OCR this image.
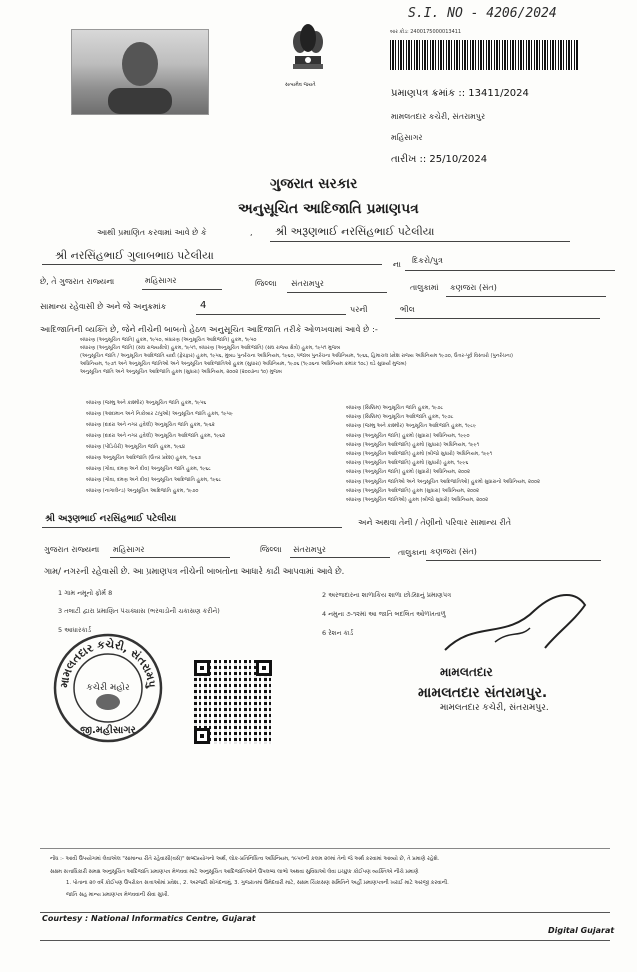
S.I. NO - 4206/2024
સત્યમેવ જયતે
બાર કોડ: 2400175000013411
પ્રમાણપત્ર ક્રમાંક :: 13411/2024
મામલતદાર કચેરી, સંતરામપુર
મહિસાગર
તારીખ :: 25/10/2024
ગુજરાત સરકાર
અનુસૂચિત આદિજાતિ પ્રમાણપત્ર
આથી પ્રમાણિત કરવામાં આવે છે કે	, શ્રી અરૂણભાઈ નરસિંહભાઈ પટેલીયા
શ્રી નરસિંહભાઈ ગુલાબભાઇ પટેલીયા
ના દિકરો/પુત્ર
છે, તે ગુજરાત રાજ્યના	મહિસાગર	જિલ્લા સંતરામપુર	તાલુકામાં કણજરા (સંત)
સામાન્ય રહેવાસી છે અને જે અનુક્રમાંક	4	પરની	ભીલ
આદિજાતિની વ્યક્તિ છે, જેને નીચેની બાબતો હેઠળ અનુસૂચિત આદિજાતિ તરીકે ઓળખવામાં આવે છે :-
બંધારણ (અનુસૂચિત જાતિ) હુકમ, ૧૯૫૦, બંધારણ (અનુસૂચિત આદિજાતિ) હુકમ, ૧૯૫૦
બંધારણ (અનુસૂચિત જાતિ) (સંઘ રાજ્યક્ષેત્રો) હુકમ, ૧૯૫૧, બંધારણ (અનુસૂચિત આદિજાતિ) (સંઘ રાજ્ય ક્ષેત્રો) હુકમ, ૧૯૫૧ મુજબ
(અનુસૂચિત જાતિ / અનુસૂચિત આદિજાતિ યાદી (ફેરફાર) હુકમ, ૧૯૫૬, મુંબઇ પુનર્રચના અધિનિયમ, ૧૯૬૦, પંજાબ પુનર્રચના અધિનિયમ, ૧૯૬૬, હિમાચલ પ્રદેશ રાજ્ય અધિનિયમ ૧૯૭૦, ઉત્તર-પૂર્વ વિસ્તારો (પુનર્રચના)
અધિનિયમ, ૧૯૭૧ અને અનુસૂચિત જાતિઓ અને અનુસૂચિત આદિજાતિઓ હુકમ (સુધારા) અધિનિયમ, ૧૯૭૬ (૧૯૭૬ના અધિનિયમ ક્રમાંક ૧૦૮) વડે સુધાર્યા મુજબ)
અનુસૂચિત જાતિ અને અનુસૂચિત આદિજાતિ હુકમ (સુધારા) અધિનિયમ, ૨૦૦૨ (૨૦૦૩ના ૧૦) મુજબ
બંધારણ (જમ્મુ અને કાશ્મીર) અનુસૂચિત જાતિ હુકમ, ૧૯૫૬
બંધારણ (આંદામાન અને નિકોબાર ટાપુઓ) અનુસૂચિત જાતિ હુકમ, ૧૯૫૯
બંધારણ (દાદરા અને નગર હવેલી) અનુસૂચિત જાતિ હુકમ, ૧૯૬૨
બંધારણ (દાદરા અને નગર હવેલી) અનુસૂચિત આદિજાતિ હુકમ, ૧૯૬૨
બંધારણ (પોંડિચેરી) અનુસૂચિત જાતિ હુકમ, ૧૯૬૪
બંધારણ અનુસૂચિત આદિજાતિ (ઉત્તર પ્રદેશ) હુકમ, ૧૯૬૭
બંધારણ (ગોવા, દમણ અને દીવ) અનુસૂચિત જાતિ હુકમ, ૧૯૬૮
બંધારણ (ગોવા, દમણ અને દીવ) અનુસૂચિત આદિજાતિ હુકમ, ૧૯૬૮
બંધારણ (નાગાલેન્ડ) અનુસૂચિત આદિજાતિ હુકમ, ૧૯૭૦
બંધારણ (સિક્કિમ) અનુસૂચિત જાતિ હુકમ, ૧૯૭૮
બંધારણ (સિક્કિમ) અનુસૂચિત આદિજાતિ હુકમ, ૧૯૭૮
બંધારણ (જમ્મુ અને કાશ્મીર) અનુસૂચિત આદિજાતિ હુકમ, ૧૯૮૯
બંધારણ (અનુસૂચિત જાતિ) હુકમો (સુધારા) અધિનિયમ, ૧૯૯૦
બંધારણ (અનુસૂચિત આદિજાતિ) હુકમો (સુધારા) અધિનિયમ, ૧૯૯૧
બંધારણ (અનુસૂચિત આદિજાતિ) હુકમો (બીજો સુધારો) અધિનિયમ, ૧૯૯૧
બંધારણ (અનુસૂચિત આદિજાતિ) હુકમો (સુધારો) હુકમ, ૧૯૯૬
બંધારણ (અનુસૂચિત જાતિ) હુકમો (સુધારો) અધિનિયમ, ૨૦૦૨
બંધારણ (અનુસૂચિત જાતિઓ અને અનુસૂચિત આદિજાતિઓ) હુકમો સુધારાનો અધિનિયમ, ૨૦૦૨
બંધારણ (અનુસૂચિત આદિજાતિ) હુકમ (સુધારા) અધિનિયમ, ૨૦૦૨
બંધારણ (અનુસૂચિત જાતિઓ) હુકમ (બીજો સુધારો) અધિનિયમ, ૨૦૦૨
શ્રી અરૂણભાઈ નરસિંહભાઈ પટેલીયા	અને અથવા તેની / તેણીનો પરિવાર સામાન્ય રીતે
ગુજરાત રાજ્યના મહિસાગર	જિલ્લા સંતરામપુર	તાલુકાના કણજરા (સંત)
ગામ/ નગરની રહેવાસી છે. આ પ્રમાણપત્ર નીચેની બાબતોના આધારે કાઢી આપવામાં આવે છે.
1 ગામ નમૂનો ફોર્મ 8	2 અરજદારના શાળાકિય શાળા છોડ્યાનું પ્રમાણપત્ર
3 તલાટી દ્વારા પ્રમાણિત પંચક્યાસ (ભરવાડોની ચકાસણ કરીને)	4 નમુના ૭-૧૨માં આ જાતિ બદલિત ઓળખતાળું
5 આધારકાર્ડ	6 રેશન કાર્ડ
મામલતદાર કચેરી, સંતરામપુ
કચેરી મહોર
જી.મહીસાગર
મામલતદાર
મામલતદાર સંતરામપુર.
મામલતદાર કચેરી, સંતરામપુર.
નોંધ :- આવી ઉપયોગમાં લેવાએલ "સામાન્ય રીતે રહેવાસી(વસે)" શબ્દપ્રયોગનો અર્થ, લોક-પ્રતિનિધિત્વ અધિનિયમ, ૧૯૫૦ની કલમ ૨૦માં તેનો જે અર્થ કરવામાં આવ્યો છે, તે પ્રમાણે રહેશે.
સક્ષમ સત્તાધિકારી સમક્ષ અનુસૂચિત આદિજાતિ પ્રમાણપત્ર મેળવવા માટે અનુસૂચિત આદિજાતિઓને ઉપલબ્ધ લાભો અથવા સુવિધાઓ લેવા ઇચ્છુક કોઈપણ વ્યક્તિએ નીચે પ્રમાણે
1. પોતાના ૨૦ વર્ષ કોઈપણ ઉપરોક્ત સત્તાઓમાં પ્રવેશ., 2. અરજદી સોગંદનામું, 3. ગુજરાતમાં ઉમેદવારી માટે, સક્ષમ ચિકાસણ સમિતિને અહીં પ્રમાણપત્રની ખરાઈ માટે અરજી કરવાની.
જાતિ સહ માન્ય પ્રમાણપત્ર મેળવવાની સેવા સુખી.
Courtesy : National Informatics Centre, Gujarat
Digital Gujarat
